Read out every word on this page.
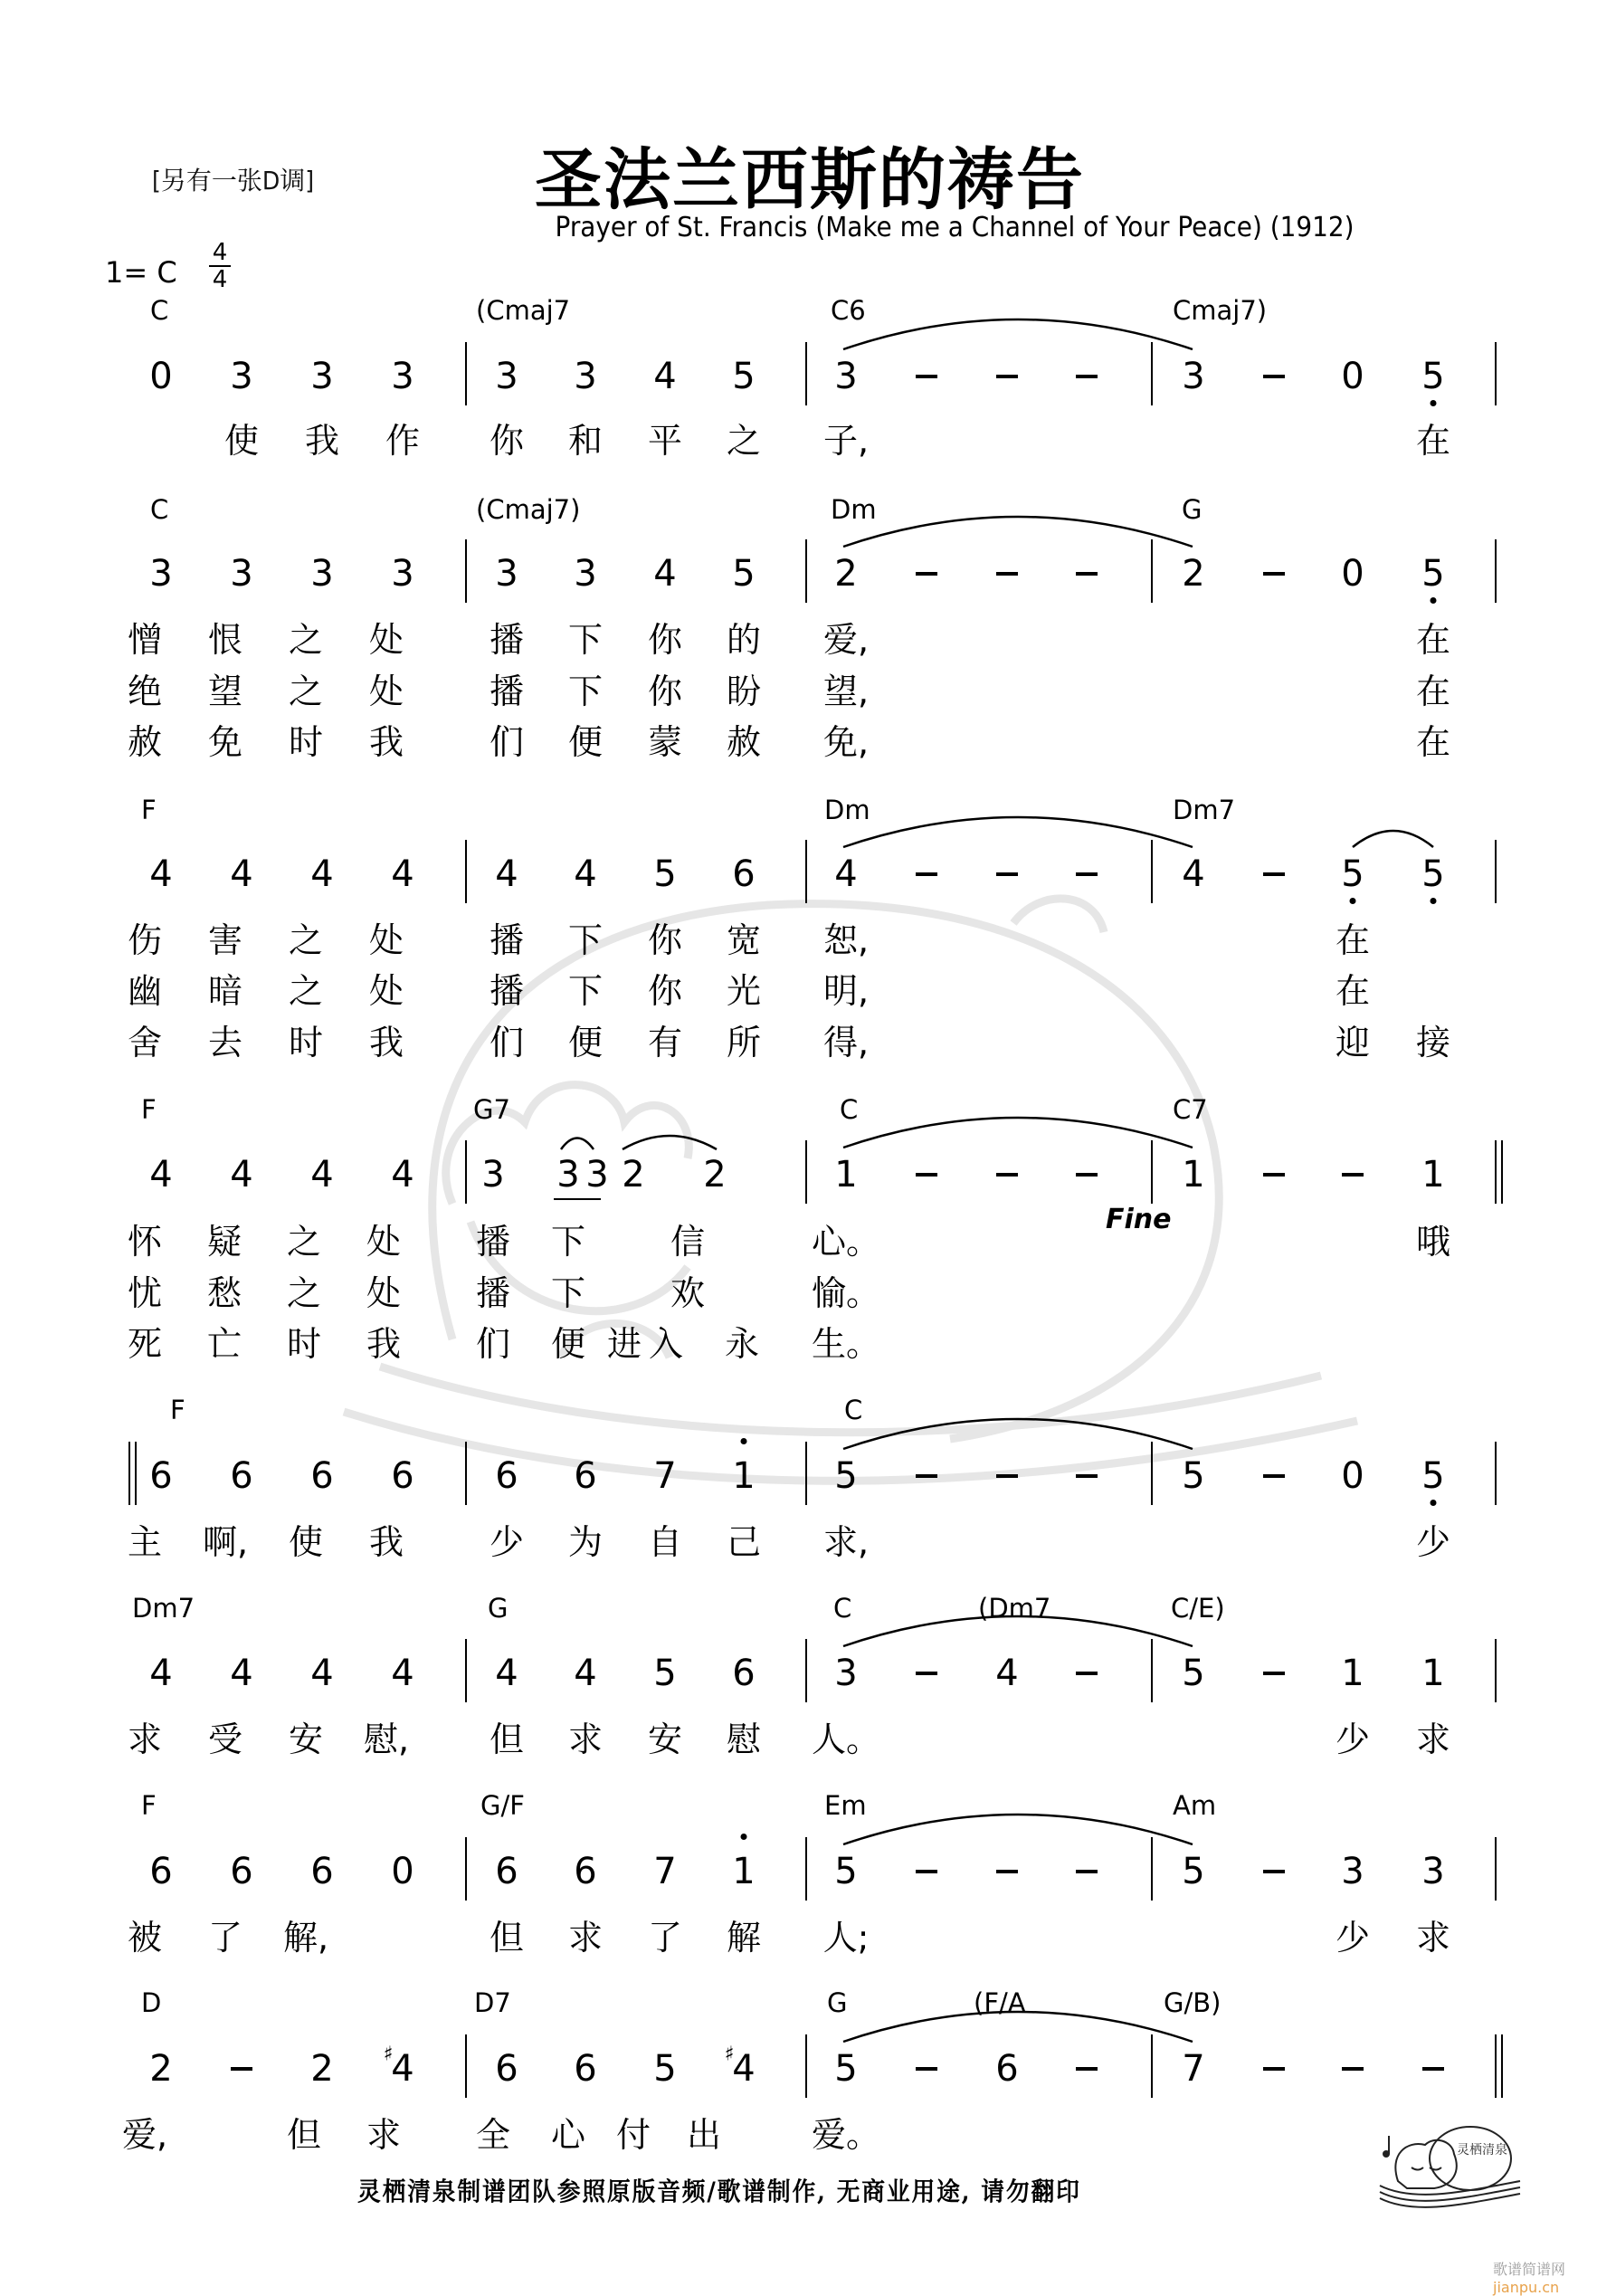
[另有一张D调]	圣法兰西斯的祷告
Prayer of St. Francis (Make me a Channel of Your Peace) (1912)
1= C
4
4
C	(Cmaj7	C6	Cmaj7)
0 3 3 3 3 3 4 5 3	3	0 5
使 我 作 你 和 平 之 子,	在
C	(Cmaj7)	Dm	G
3 3 3 3 3 3 4 5 2	2	0 5
憎 恨 之 处 播 下 你 的 爱,	在
绝 望 之 处 播 下 你 盼 望,	在
赦 免 时 我 们 便 蒙 赦 免,	在
F	Dm	Dm7
4 4 4 4 4 4 5 6 4	4	5 5
伤 害 之 处 播 下 你 宽 恕,	在
幽 暗 之 处 播 下 你 光 明,	在
舍 去 时 我 们 便 有 所 得,	迎 接
F	G7	C	C7
4 4 4 4 3 3 3 2 2	1	1	1
怀 疑 之 处 播 下 信	心。	哦
忧 愁 之 处 播 下 欢	愉。
死 亡 时 我 们 便 进 入 永 生。
F	C
6 6 6 6 6 6 7 1 5	5	0 5
主 啊, 使 我 少 为 自 己 求,	少
Dm7	G	C	(Dm7	C/E)
4 4 4 4 4 4 5 6 3	4	5	1 1
求 受 安 慰, 但 求 安 慰 人。	少 求
F	G/F	Em	Am
6 6 6 0 6 6 7 1 5	5	3 3
被 了 解,	但 求 了 解 人;	少 求
D	D7	G	(F/A	G/B)
2	2 ♯
4 6 6 5 ♯
4 5	6	7
爱,	但 求 全 心 付 出	爱。
Fine
灵栖清泉制谱团队参照原版音频/歌谱制作, 无商业用途, 请勿翻印
灵栖清泉
歌谱简谱网 jianpu.cn
